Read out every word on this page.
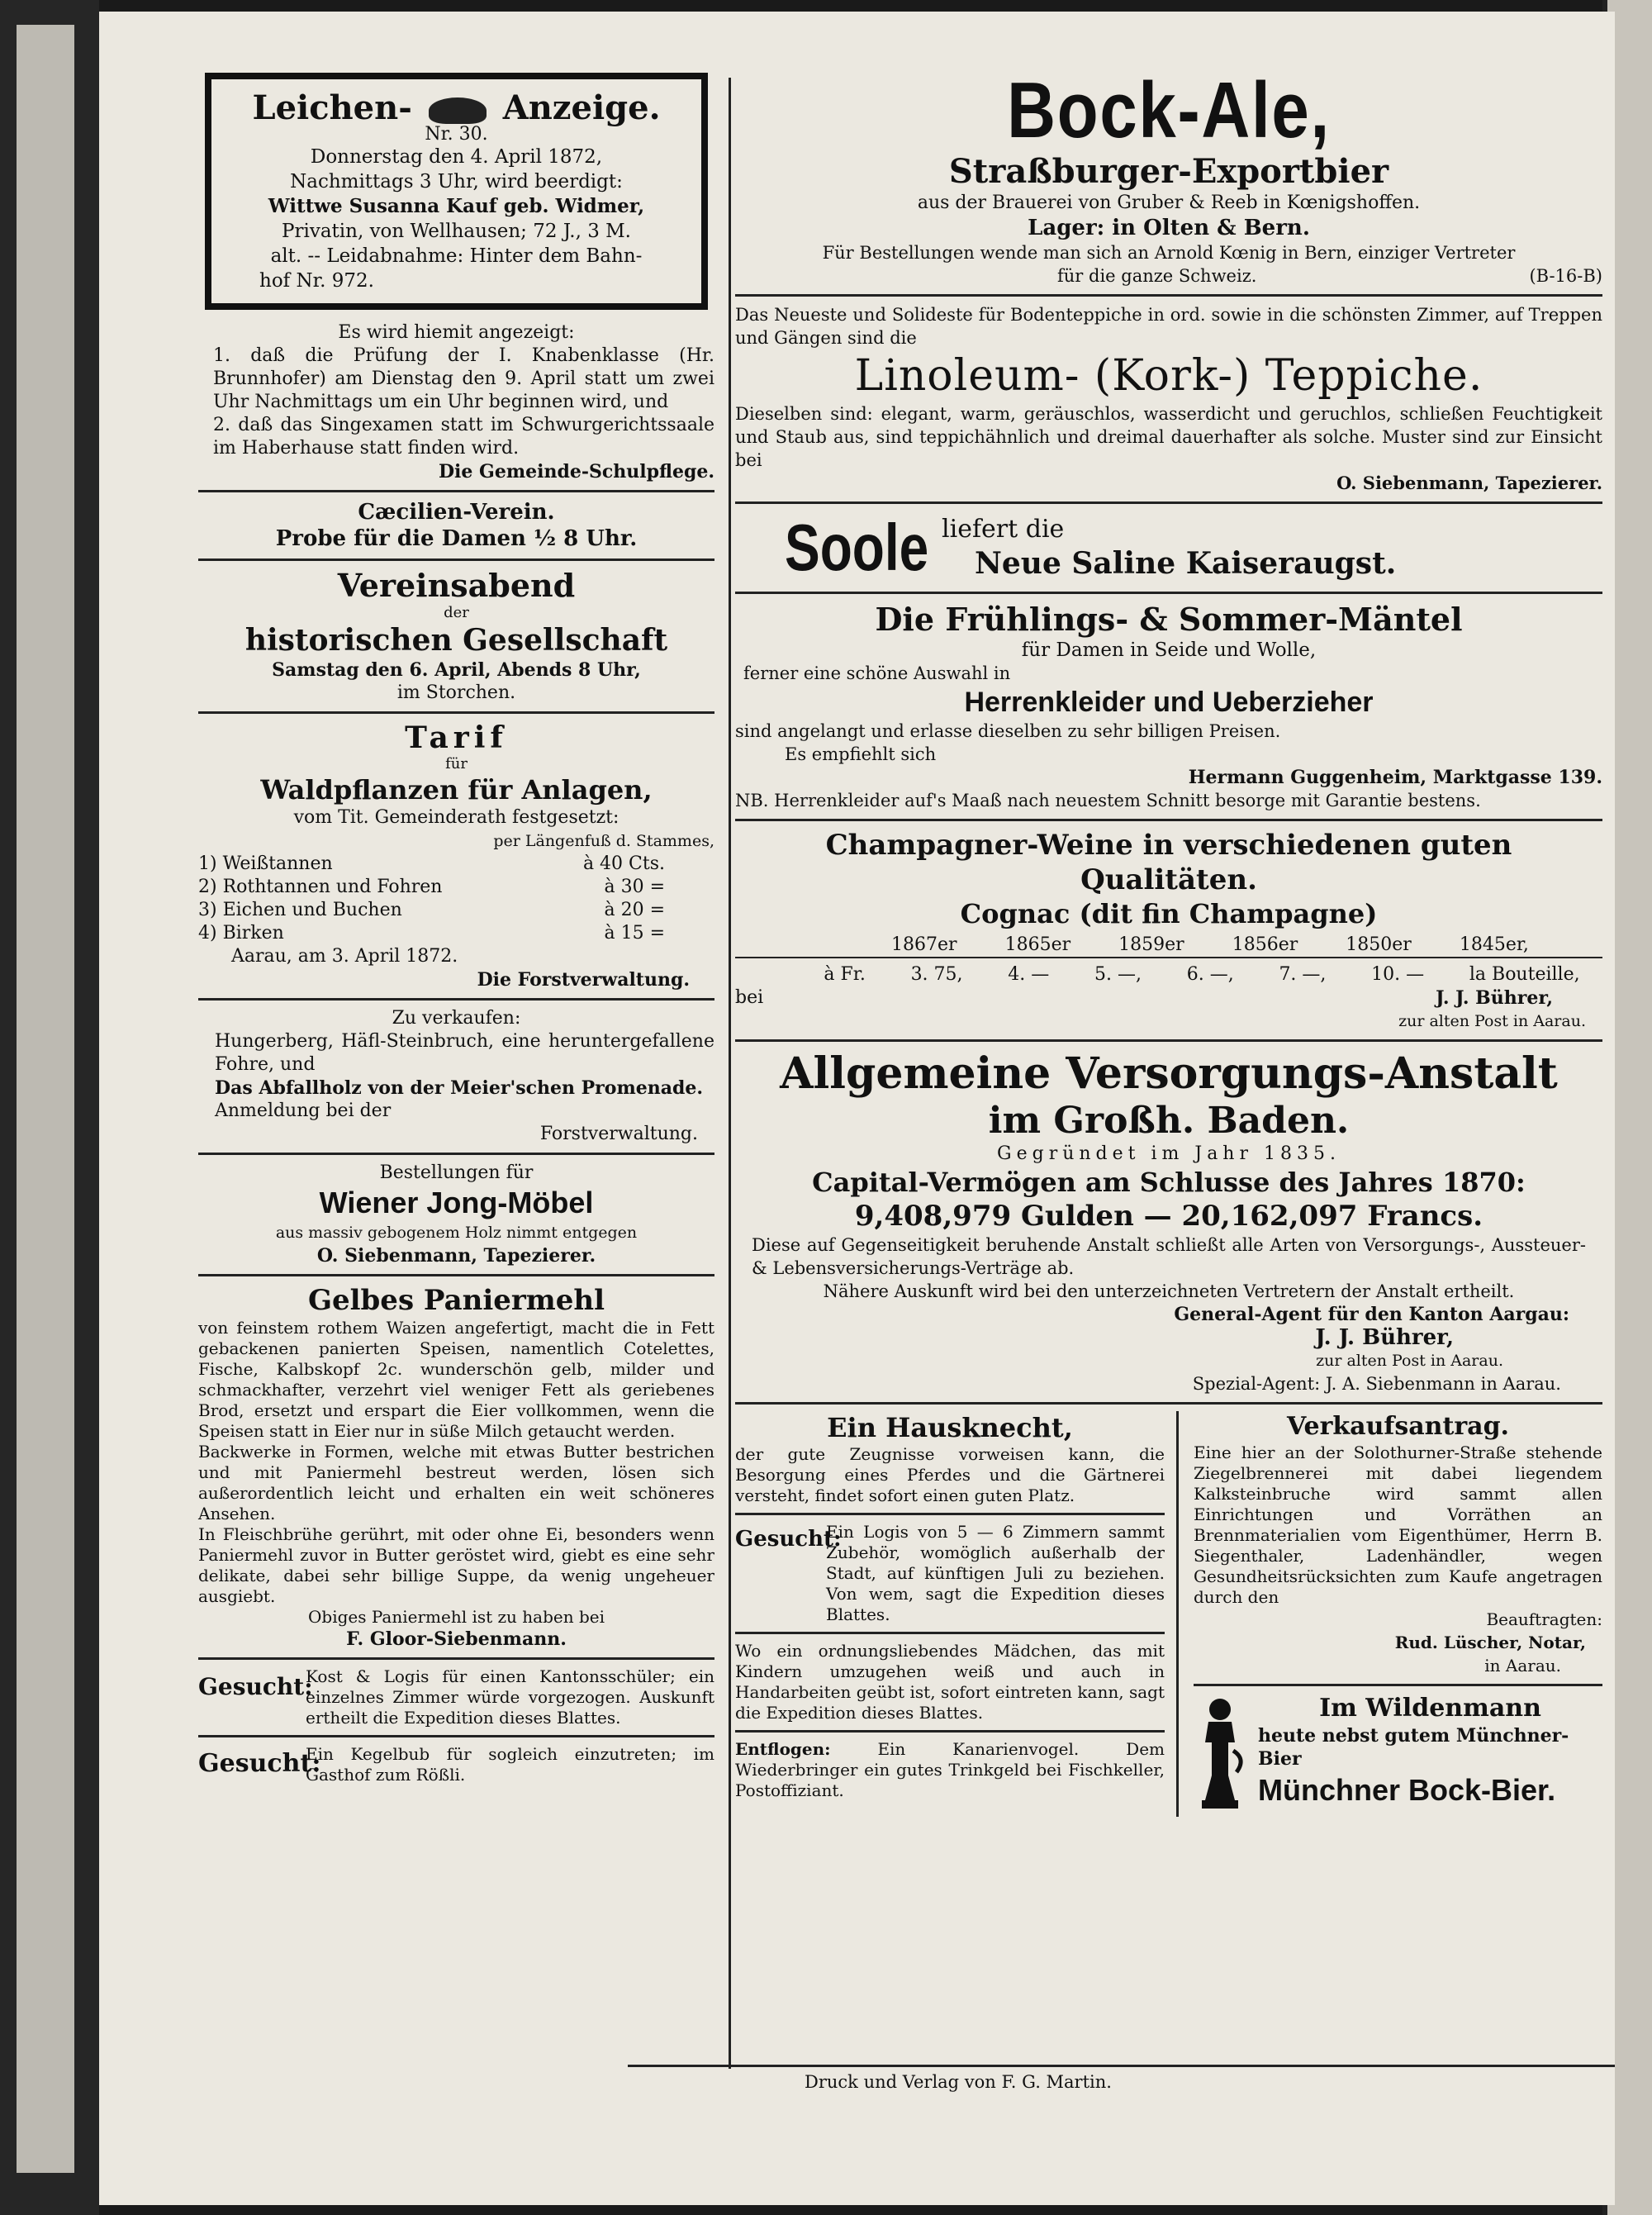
Leichen-	Anzeige.
Nr. 30.
Donnerstag den 4. April 1872,
Nachmittags 3 Uhr, wird beerdigt:
Wittwe Susanna Kauf geb. Widmer,
Privatin, von Wellhausen; 72 J., 3 M.
alt. -- Leidabnahme: Hinter dem Bahn-
hof Nr. 972.

Es wird hiemit angezeigt:

1. daß die Prüfung der I. Knabenklasse (Hr. Brunnhofer) am Dienstag den 9. April statt um zwei Uhr Nachmittags um ein Uhr beginnen wird, und

2. daß das Singexamen statt im Schwurgerichtssaale im Haberhause statt finden wird.

Die Gemeinde-Schulpflege.

Cæcilien-Verein.

Probe für die Damen ½ 8 Uhr.

Vereinsabend

der

historischen Gesellschaft

Samstag den 6. April, Abends 8 Uhr,

im Storchen.

Tarif

für

Waldpflanzen für Anlagen,

vom Tit. Gemeinderath festgesetzt:

per Längenfuß d. Stammes,

1) Weißtannen	à 40 Cts.
2) Rothtannen und Fohren	à 30 =
3) Eichen und Buchen	à 20 =
4) Birken	à 15 =

Aarau, am 3. April 1872.

Die Forstverwaltung.

Zu verkaufen:

Hungerberg, Häfl-Steinbruch, eine heruntergefallene Fohre, und

Das Abfallholz von der Meier'schen Promenade.

Anmeldung bei der

Forstverwaltung.

Bestellungen für

Wiener Jong-Möbel

aus massiv gebogenem Holz nimmt entgegen

O. Siebenmann, Tapezierer.

Gelbes Paniermehl

von feinstem rothem Waizen angefertigt, macht die in Fett gebackenen panierten Speisen, namentlich Cotelettes, Fische, Kalbskopf 2c. wunderschön gelb, milder und schmackhafter, verzehrt viel weniger Fett als geriebenes Brod, ersetzt und erspart die Eier vollkommen, wenn die Speisen statt in Eier nur in süße Milch getaucht werden.

Backwerke in Formen, welche mit etwas Butter bestrichen und mit Paniermehl bestreut werden, lösen sich außerordentlich leicht und erhalten ein weit schöneres Ansehen.

In Fleischbrühe gerührt, mit oder ohne Ei, besonders wenn Paniermehl zuvor in Butter geröstet wird, giebt es eine sehr delikate, dabei sehr billige Suppe, da wenig ungeheuer ausgiebt.

Obiges Paniermehl ist zu haben bei

F. Gloor-Siebenmann.

Gesucht:

Kost & Logis für einen Kantonsschüler; ein einzelnes Zimmer würde vorgezogen. Auskunft ertheilt die Expedition dieses Blattes.

Gesucht:

Ein Kegelbub für sogleich einzutreten; im Gasthof zum Rößli.

Bock-Ale,

Straßburger-Exportbier

aus der Brauerei von Gruber & Reeb in Kœnigshoffen.

Lager: in Olten & Bern.

Für Bestellungen wende man sich an Arnold Kœnig in Bern, einziger Vertreter

für die ganze Schweiz.	(B-16-B)

Das Neueste und Solideste für Bodenteppiche in ord. sowie in die schönsten Zimmer, auf Treppen und Gängen sind die

Linoleum- (Kork-) Teppiche.

Dieselben sind: elegant, warm, geräuschlos, wasserdicht und geruchlos, schließen Feuchtigkeit und Staub aus, sind teppichähnlich und dreimal dauerhafter als solche. Muster sind zur Einsicht bei

O. Siebenmann, Tapezierer.

Soole liefert die

Neue Saline Kaiseraugst.

Die Frühlings- & Sommer-Mäntel

für Damen in Seide und Wolle,

ferner eine schöne Auswahl in

Herrenkleider und Ueberzieher

sind angelangt und erlasse dieselben zu sehr billigen Preisen.

Es empfiehlt sich

Hermann Guggenheim, Marktgasse 139.

NB. Herrenkleider auf's Maaß nach neuestem Schnitt besorge mit Garantie bestens.

Champagner-Weine in verschiedenen guten Qualitäten.

Cognac (dit fin Champagne)

1867er	1865er	1859er	1856er	1850er	1845er,
à Fr. 3. 75, 4. — 5. —, 6. —, 7. —, 10. — la Bouteille,

bei	J. J. Bührer,

zur alten Post in Aarau.

Allgemeine Versorgungs-Anstalt

im Großh. Baden.

Gegründet im Jahr 1835.

Capital-Vermögen am Schlusse des Jahres 1870:

9,408,979 Gulden — 20,162,097 Francs.

Diese auf Gegenseitigkeit beruhende Anstalt schließt alle Arten von Versorgungs-, Aussteuer- & Lebensversicherungs-Verträge ab.

Nähere Auskunft wird bei den unterzeichneten Vertretern der Anstalt ertheilt.

General-Agent für den Kanton Aargau:

J. J. Bührer,

zur alten Post in Aarau.

Spezial-Agent: J. A. Siebenmann in Aarau.

Ein Hausknecht,

der gute Zeugnisse vorweisen kann, die Besorgung eines Pferdes und die Gärtnerei versteht, findet sofort einen guten Platz.

Gesucht:

Ein Logis von 5 — 6 Zimmern sammt Zubehör, womöglich außerhalb der Stadt, auf künftigen Juli zu beziehen. Von wem, sagt die Expedition dieses Blattes.

Wo ein ordnungsliebendes Mädchen, das mit Kindern umzugehen weiß und auch in Handarbeiten geübt ist, sofort eintreten kann, sagt die Expedition dieses Blattes.

Entflogen:	Ein Kanarienvogel. Dem Wiederbringer ein gutes Trinkgeld bei Fischkeller, Postoffiziant.

Verkaufsantrag.

Eine hier an der Solothurner-Straße stehende Ziegelbrennerei mit dabei liegendem Kalksteinbruche wird sammt allen Einrichtungen und Vorräthen an Brennmaterialien vom Eigenthümer, Herrn B. Siegenthaler, Ladenhändler, wegen Gesundheitsrücksichten zum Kaufe angetragen durch den

Beauftragten:

Rud. Lüscher, Notar,

in Aarau.

Im Wildenmann

heute nebst gutem Münchner-Bier

Münchner Bock-Bier.

Druck und Verlag von F. G. Martin.
